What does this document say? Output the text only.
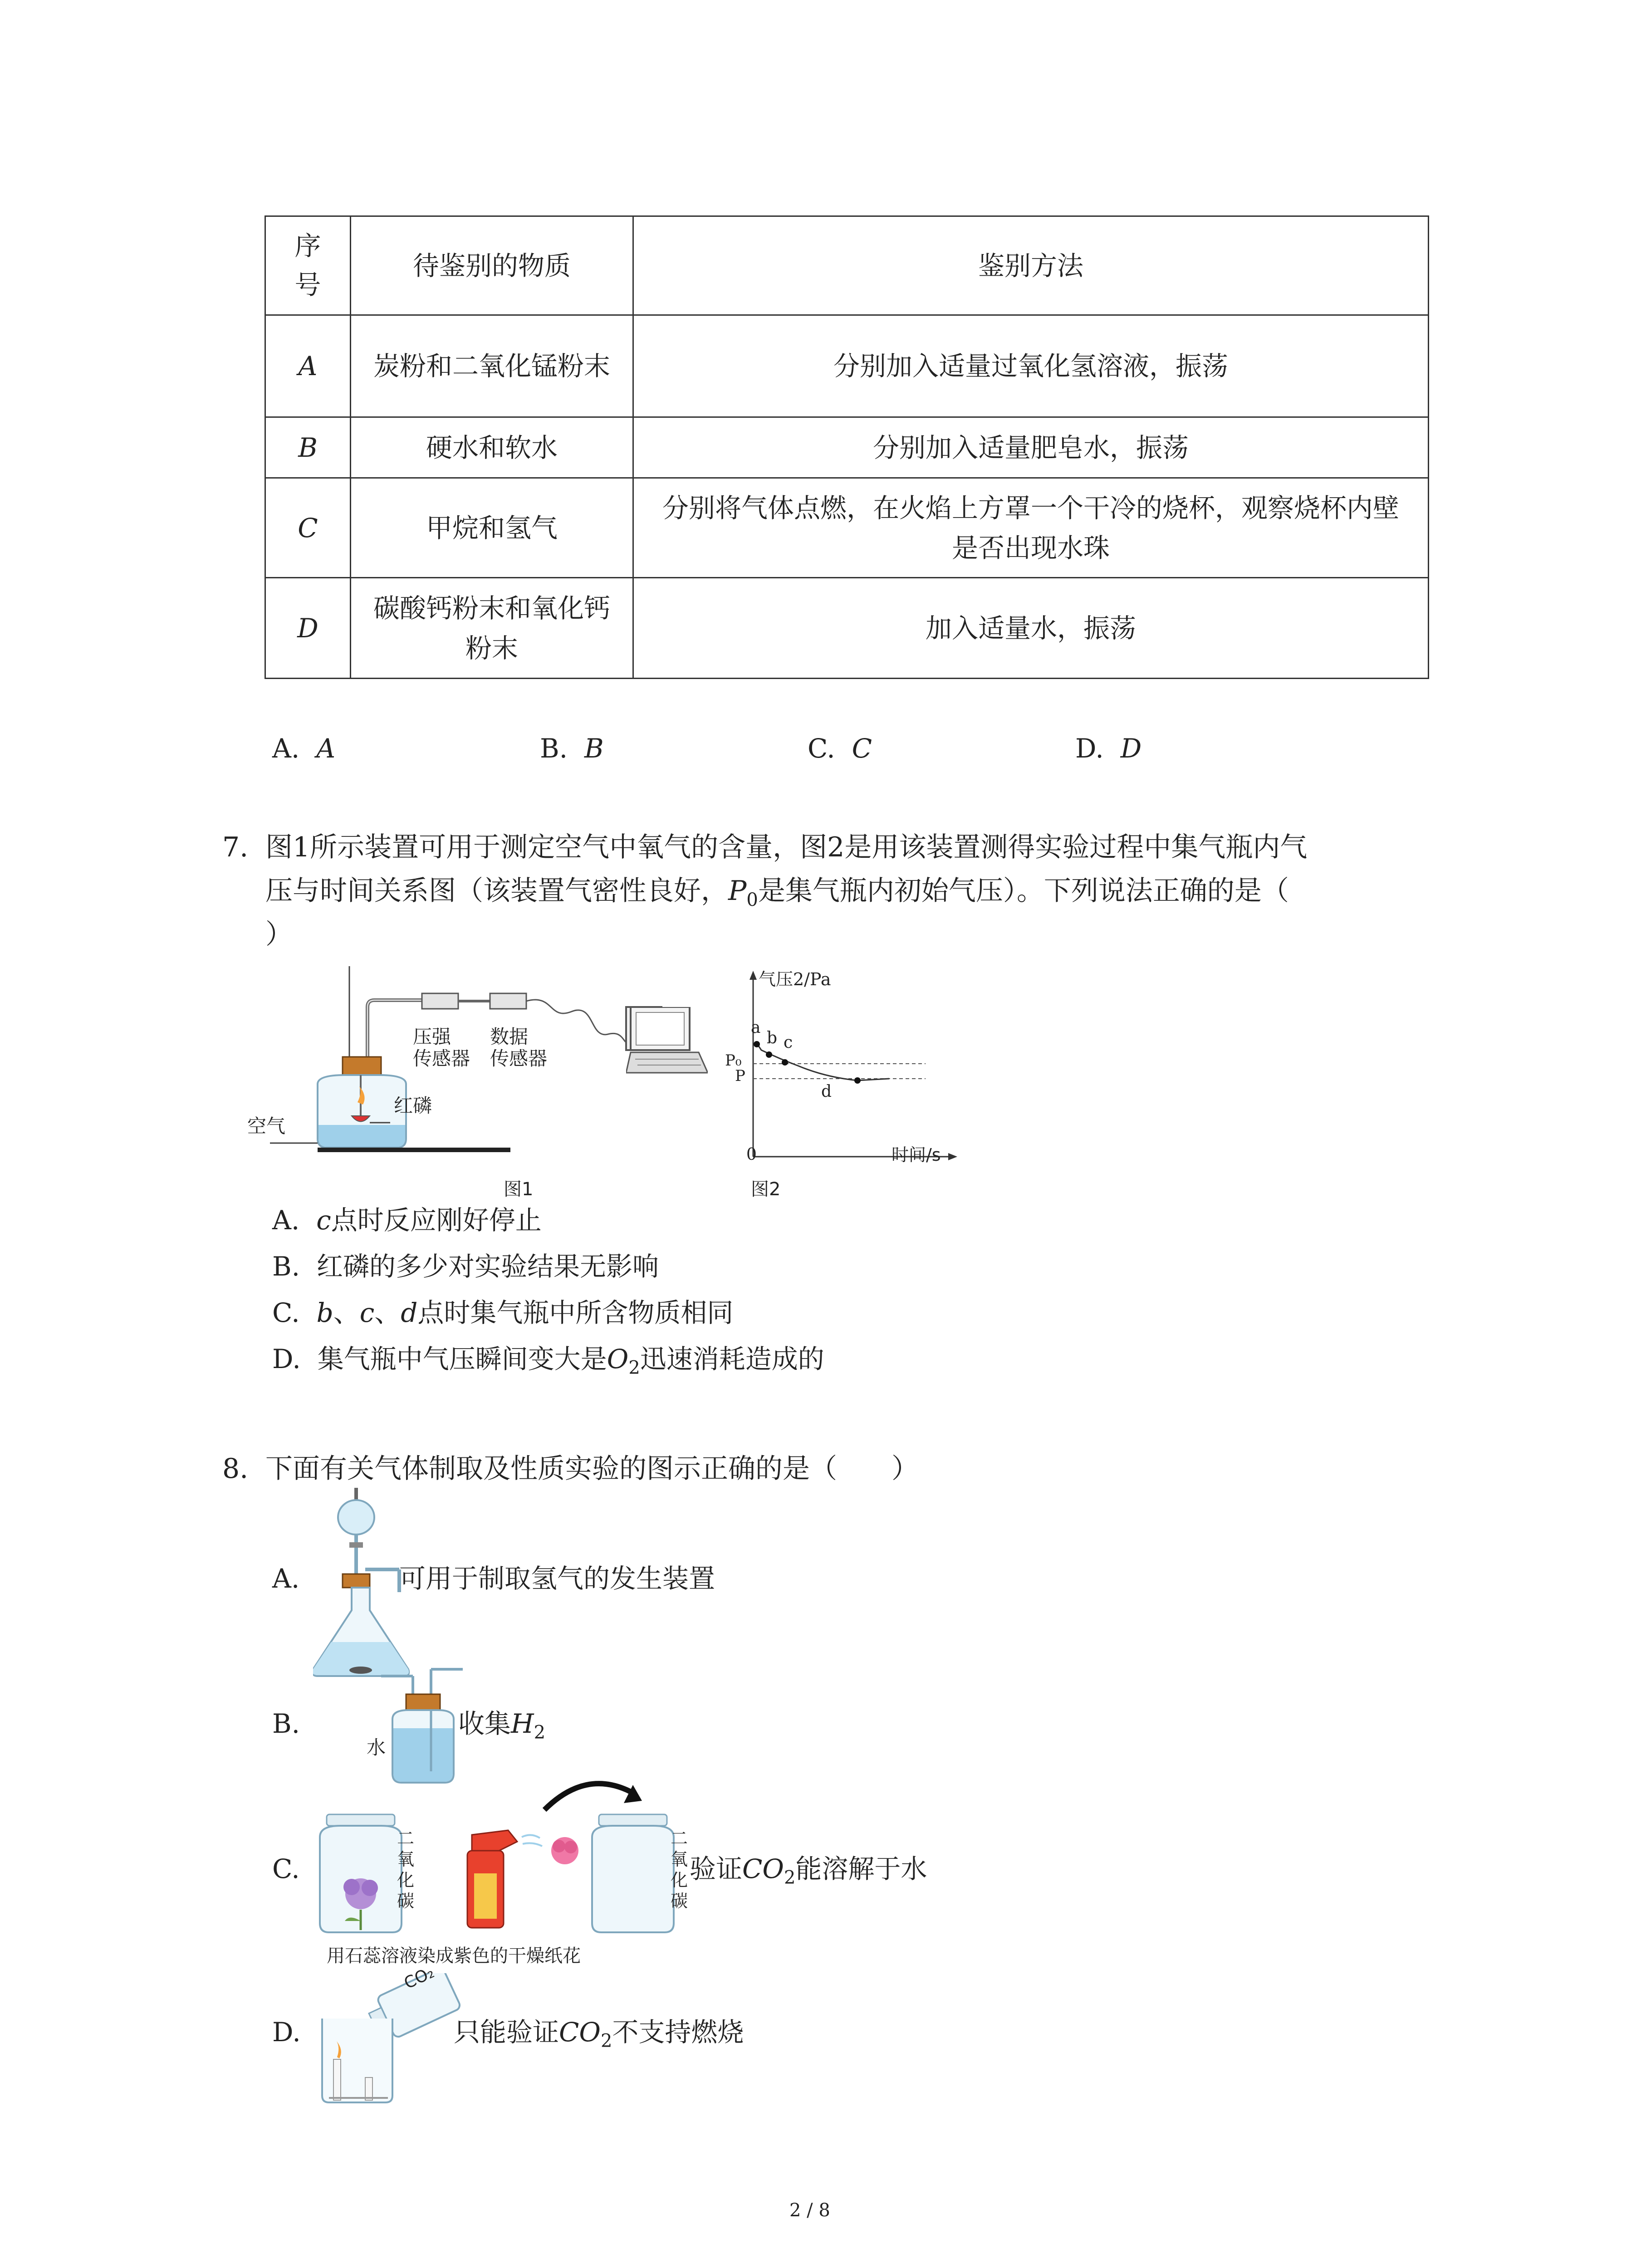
序号	待鉴别的物质	鉴别方法
A	炭粉和二氧化锰粉末	分别加入适量过氧化氢溶液，振荡
B	硬水和软水	分别加入适量肥皂水，振荡
C	甲烷和氢气	分别将气体点燃，在火焰上方罩一个干冷的烧杯，观察烧杯内壁是否出现水珠
D	碳酸钙粉末和氧化钙粉末	加入适量水，振荡
A. A	B. B	C. C	D. D
7. 图1所示装置可用于测定空气中氧气的含量，图2是用该装置测得实验过程中集气瓶内气
压与时间关系图（该装置气密性良好，$P_0$是集气瓶内初始气压）。下列说法正确的是（
）
压强
传感器
数据
传感器
红磷
空气
图1
气压2/Pa
a
b c
d
P₀
P
0	时间/s
图2
A. c点时反应刚好停止
B. 红磷的多少对实验结果无影响
C. b、c、d点时集气瓶中所含物质相同
D. 集气瓶中气压瞬间变大是$O_2$迅速消耗造成的
8. 下面有关气体制取及性质实验的图示正确的是（　　）
A.	可用于制取氢气的发生装置
B.
水
收集$H_2$
C.
二
氧
化
碳
二
氧
化
碳
验证$CO_2$能溶解于水
用石蕊溶液染成紫色的干燥纸花
D.
CO₂
只能验证$CO_2$不支持燃烧
2 / 8
